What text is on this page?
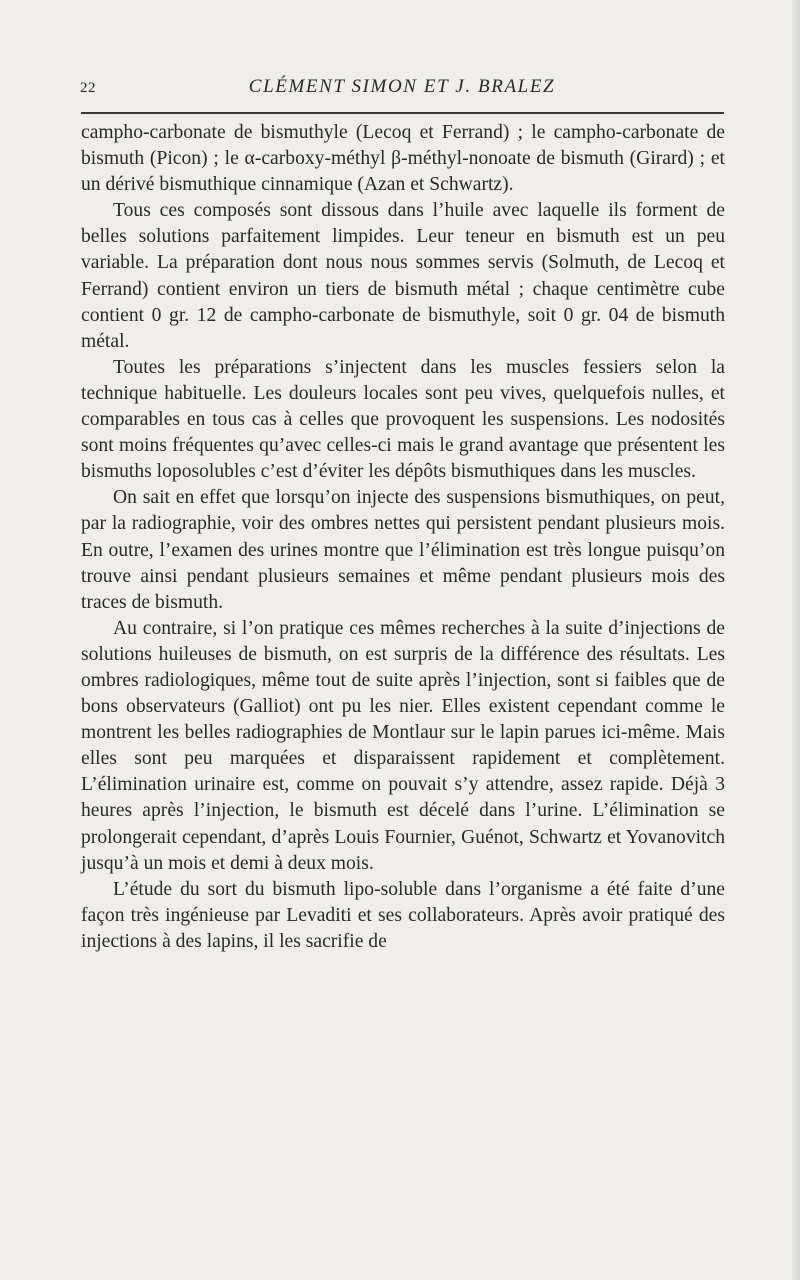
22	CLÉMENT SIMON ET J. BRALEZ

campho-carbonate de bismuthyle (Lecoq et Ferrand) ; le campho-carbonate de bismuth (Picon) ; le α-carboxy-méthyl β-méthyl-nonoate de bismuth (Girard) ; et un dérivé bismuthique cinnamique (Azan et Schwartz).

Tous ces composés sont dissous dans l’huile avec laquelle ils forment de belles solutions parfaitement limpides. Leur teneur en bismuth est un peu variable. La préparation dont nous nous sommes servis (Solmuth, de Lecoq et Ferrand) contient environ un tiers de bismuth métal ; chaque centimètre cube contient 0 gr. 12 de campho-carbonate de bismuthyle, soit 0 gr. 04 de bismuth métal.

Toutes les préparations s’injectent dans les muscles fessiers selon la technique habituelle. Les douleurs locales sont peu vives, quelquefois nulles, et comparables en tous cas à celles que provoquent les suspensions. Les nodosités sont moins fréquentes qu’avec celles-ci mais le grand avantage que présentent les bismuths loposolubles c’est d’éviter les dépôts bismuthiques dans les muscles.

On sait en effet que lorsqu’on injecte des suspensions bismuthiques, on peut, par la radiographie, voir des ombres nettes qui persistent pendant plusieurs mois. En outre, l’examen des urines montre que l’élimination est très longue puisqu’on trouve ainsi pendant plusieurs semaines et même pendant plusieurs mois des traces de bismuth.

Au contraire, si l’on pratique ces mêmes recherches à la suite d’injections de solutions huileuses de bismuth, on est surpris de la différence des résultats. Les ombres radiologiques, même tout de suite après l’injection, sont si faibles que de bons observateurs (Galliot) ont pu les nier. Elles existent cependant comme le montrent les belles radiographies de Montlaur sur le lapin parues ici-même. Mais elles sont peu marquées et disparaissent rapidement et complètement. L’élimination urinaire est, comme on pouvait s’y attendre, assez rapide. Déjà 3 heures après l’injection, le bismuth est décelé dans l’urine. L’élimination se prolongerait cependant, d’après Louis Fournier, Guénot, Schwartz et Yovanovitch jusqu’à un mois et demi à deux mois.

L’étude du sort du bismuth lipo-soluble dans l’organisme a été faite d’une façon très ingénieuse par Levaditi et ses collaborateurs. Après avoir pratiqué des injections à des lapins, il les sacrifie de
